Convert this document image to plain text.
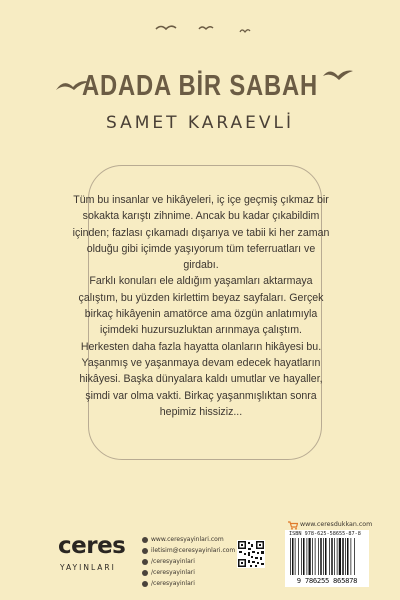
ADADA BİR SABAH
SAMET KARAEVLİ

Tüm bu insanlar ve hikâyeleri, iç içe geçmiş çıkmaz bir sokakta karıştı zihnime. Ancak bu kadar çıkabildim içinden; fazlası çıkamadı dışarıya ve tabii ki her zaman olduğu gibi içimde yaşıyorum tüm teferruatları ve girdabı.

Farklı konuları ele aldığım yaşamları aktarmaya çalıştım, bu yüzden kirlettim beyaz sayfaları. Gerçek birkaç hikâyenin amatörce ama özgün anlatımıyla içimdeki huzursuzluktan arınmaya çalıştım.

Herkesten daha fazla hayatta olanların hikâyesi bu. Yaşanmış ve yaşanmaya devam edecek hayatların hikâyesi. Başka dünyalara kaldı umutlar ve hayaller, şimdi var olma vakti. Birkaç yaşanmışlıktan sonra hepimiz hissiziz...

ceres
YAYINLARI
www.ceresyayinlari.com
iletisim@ceresyayinlari.com
/ceresyayinlari
/ceresyayinlari
/ceresyayinlari
www.ceresdukkan.com
ISBN 978-625-58655-87-8
9 786255 865878
